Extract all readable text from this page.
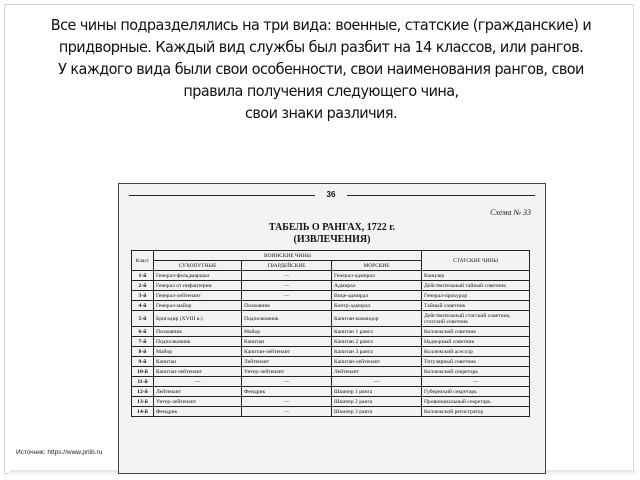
Все чины подразделялись на три вида: военные, статские (гражданские) и
придворные. Каждый вид службы был разбит на 14 классов, или рангов.
У каждого вида были свои особенности, свои наименования рангов, свои
правила получения следующего чина,
свои знаки различия.
36
Схема № 33
ТАБЕЛЬ О РАНГАХ, 1722 г.
(ИЗВЛЕЧЕНИЯ)
Класс	ВОИНСКИЕ ЧИНЫ			СТАТСКИЕ ЧИНЫ
	СУХОПУТНЫЕ	ГВАРДЕЙСКИЕ	МОРСКИЕ	
1-й	Генерал-фельдмаршал	—	Генерал-адмирал	Канцлер
2-й	Генерал от инфантерии	—	Адмирал	Действительный тайный советник
3-й	Генерал-лейтенант	—	Вице-адмирал	Генерал-прокурор
4-й	Генерал-майор	Полковник	Контр-адмирал	Тайный советник
5-й	Бригадир (XVIII в.)	Подполковник	Капитан-командор	Действительный статский советник, статский советник
6-й	Полковник	Майор	Капитан 1 ранга	Коллежский советник
7-й	Подполковник	Капитан	Капитан 2 ранга	Надворный советник
8-й	Майор	Капитан-лейтенант	Капитан 3 ранга	Коллежский асессор
9-й	Капитан	Лейтенант	Капитан-лейтенант	Титулярный советник
10-й	Капитан-лейтенант	Унтер-лейтенант	Лейтенант	Коллежский секретарь
11-й	—	—	—	—
12-й	Лейтенант	Фендрик	Шкипер 1 ранга	Губернский секретарь
13-й	Унтер-лейтенант	—	Шкипер 2 ранга	Провинциальный секретарь
14-й	Фендрик	—	Шкипер 3 ранга	Коллежский регистратор
Источник: https://www.prlib.ru
